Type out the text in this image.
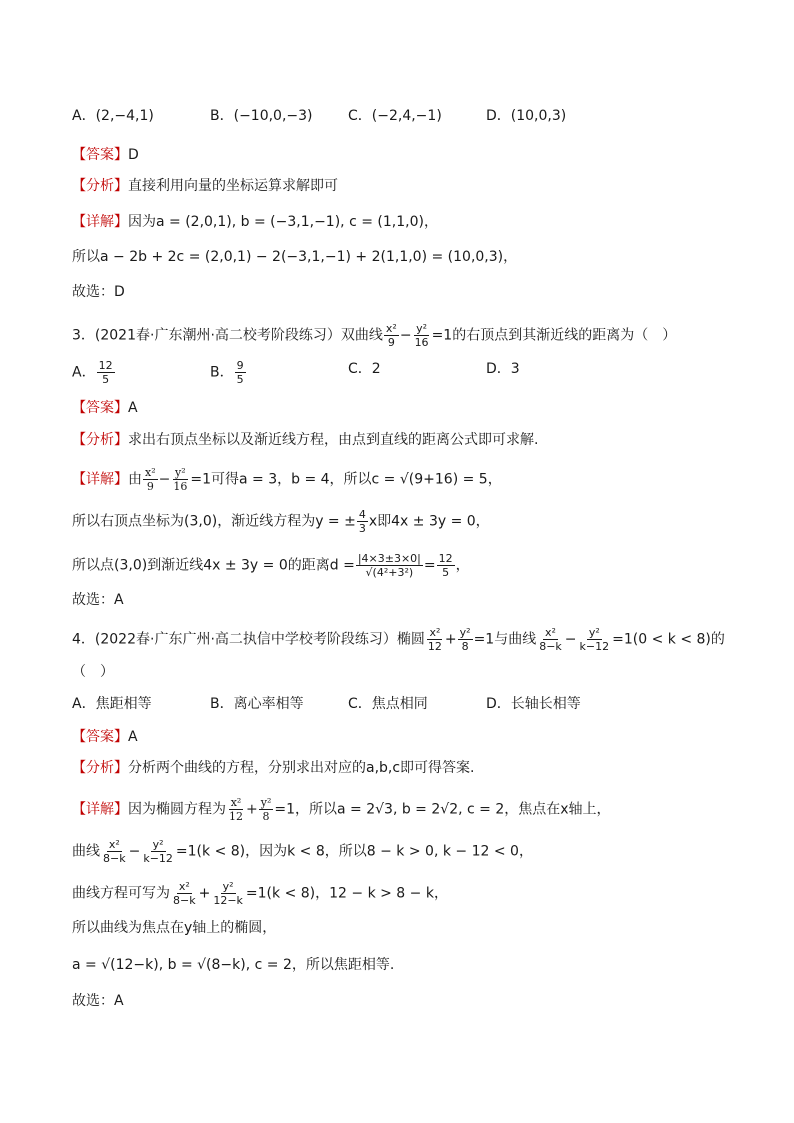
A．(2,−4,1)	B．(−10,0,−3)	C．(−2,4,−1)	D．(10,0,3)
【答案】D
【分析】直接利用向量的坐标运算求解即可
【详解】因为a = (2,0,1), b = (−3,1,−1), c = (1,1,0)，
所以a − 2b + 2c = (2,0,1) − 2(−3,1,−1) + 2(1,1,0) = (10,0,3)，
故选：D
3．(2021春·广东潮州·高二校考阶段练习）双曲线 $\frac{\text{x²}}{9} - \frac{\text{y²}}{16} =1$的右顶点到其渐近线的距离为（　）
A． $\frac{12}{5}$	B． $\frac{9}{5}$	C．2	D．3
【答案】A
【分析】求出右顶点坐标以及渐近线方程，由点到直线的距离公式即可求解.
【详解】由 $\frac{\text{x²}}{9} - \frac{\text{y²}}{16} =1$可得a = 3，b = 4，所以c = √(9+16) = 5，
所以右顶点坐标为(3,0)，渐近线方程为y = ± $\frac{4}{3}$ x即4x ± 3y = 0，
所以点(3,0)到渐近线4x ± 3y = 0的距离$d = \frac{|4\times 3\pm 3\times 0|}{\text{√(4²+3²)}} = \frac{12}{5}$ ，
故选：A
4．(2022春·广东广州·高二执信中学校考阶段练习）椭圆 $\frac{\text{x²}}{12} + \frac{\text{y²}}{8} =1$与曲线 $\frac{\text{x²}}{8-k} - \frac{\text{y²}}{k-12} =1(0 < k < 8)$的
（　）
A．焦距相等	B．离心率相等	C．焦点相同	D．长轴长相等
【答案】A
【分析】分析两个曲线的方程，分别求出对应的a,b,c即可得答案.
【详解】因为椭圆方程为 $\frac{\text{x²}}{12} + \frac{\text{y²}}{8} =1$，所以a = 2√3, b = 2√2, c = 2，焦点在x轴上，
曲线 $\frac{\text{x²}}{8-k} - \frac{\text{y²}}{k-12} =1(k < 8)$，因为k < 8，所以8 − k > 0, k − 12 < 0，
曲线方程可写为 $\frac{\text{x²}}{8-k} + \frac{\text{y²}}{12-k} =1(k < 8)$，12 − k > 8 − k，
所以曲线为焦点在y轴上的椭圆，
a = √(12−k), b = √(8−k), c = 2，所以焦距相等.
故选：A
